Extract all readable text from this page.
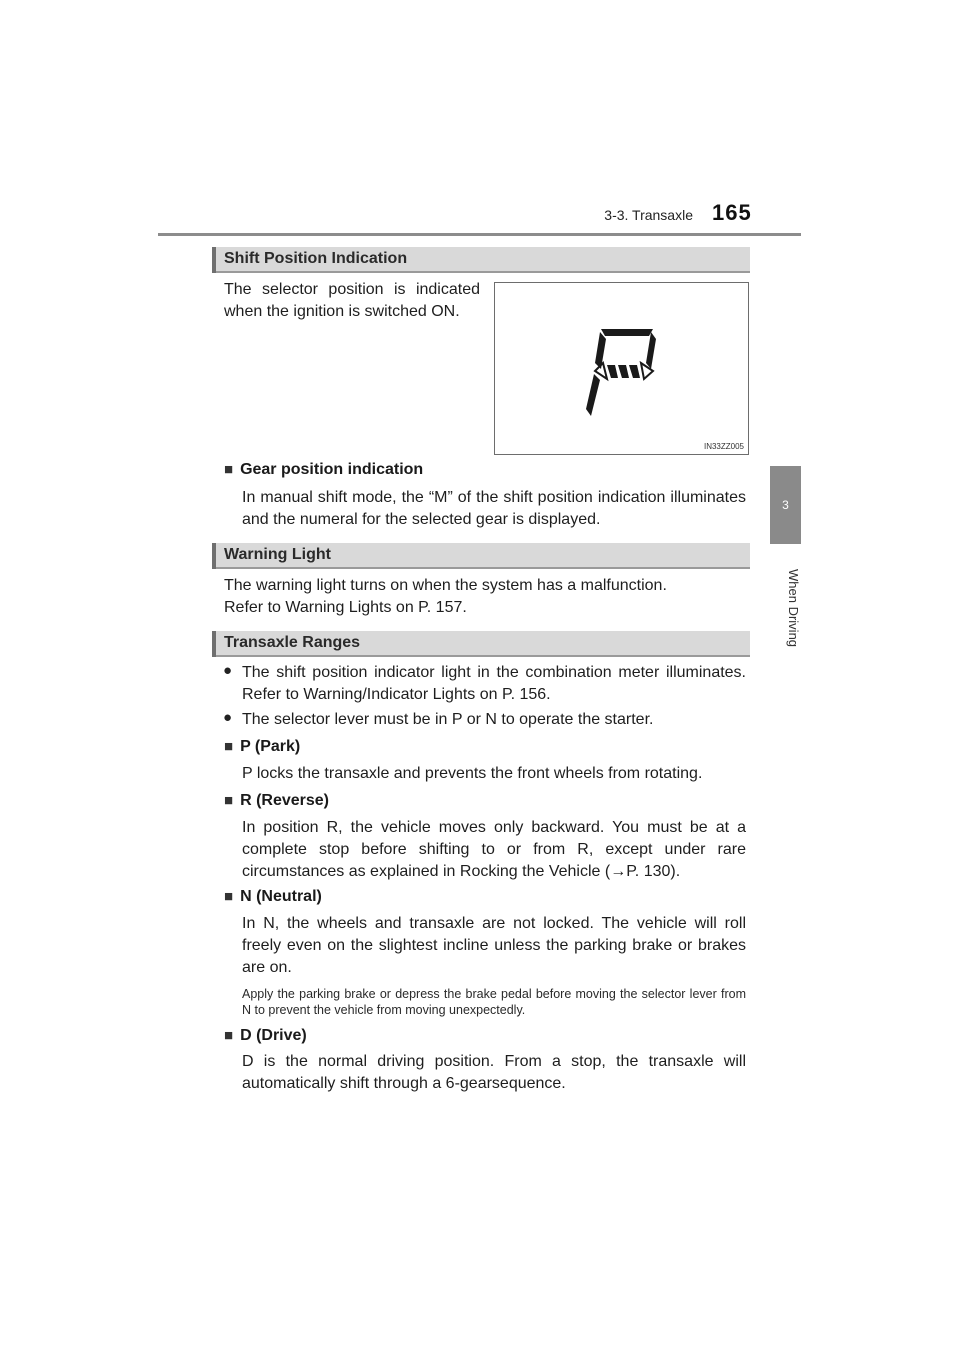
3-3. Transaxle 165
3
When Driving
Shift Position Indication
The selector position is indicated when the ignition is switched ON.
IN33ZZ005
■ Gear position indication
In manual shift mode, the “M” of the shift position indication illuminates and the numeral for the selected gear is displayed.
Warning Light
The warning light turns on when the system has a malfunction.
Refer to Warning Lights on P. 157.
Transaxle Ranges
● The shift position indicator light in the combination meter illuminates. Refer to Warning/Indicator Lights on P. 156.
● The selector lever must be in P or N to operate the starter.
■ P (Park)
P locks the transaxle and prevents the front wheels from rotating.
■ R (Reverse)
In position R, the vehicle moves only backward. You must be at a complete stop before shifting to or from R, except under rare circumstances as explained in Rocking the Vehicle (→P. 130).
■ N (Neutral)
In N, the wheels and transaxle are not locked. The vehicle will roll freely even on the slightest incline unless the parking brake or brakes are on.
Apply the parking brake or depress the brake pedal before moving the selector lever from N to prevent the vehicle from moving unexpectedly.
■ D (Drive)
D is the normal driving position. From a stop, the transaxle will automatically shift through a 6-gearsequence.
